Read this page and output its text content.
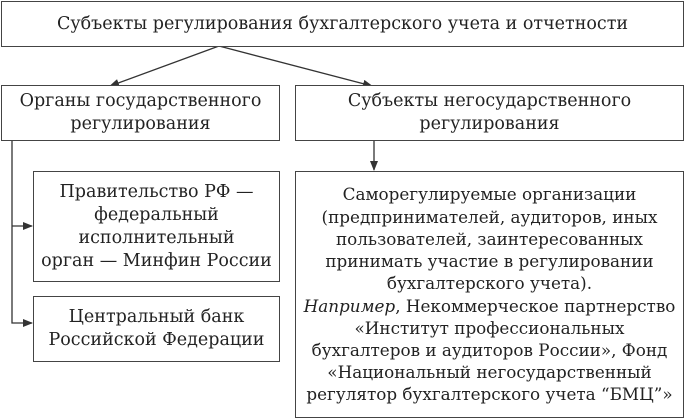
Субъекты регулирования бухгалтерского учета и отчетности
Органы государственного
регулирования
Субъекты негосударственного
регулирования
Правительство РФ —
федеральный
исполнительный
орган — Минфин России
Центральный банк
Российской Федерации
Саморегулируемые организации
(предпринимателей, аудиторов, иных
пользователей, заинтересованных
принимать участие в регулировании
бухгалтерского учета).
Например, Некоммерческое партнерство
«Институт профессиональных
бухгалтеров и аудиторов России», Фонд
«Национальный негосударственный
регулятор бухгалтерского учета “БМЦ”»
